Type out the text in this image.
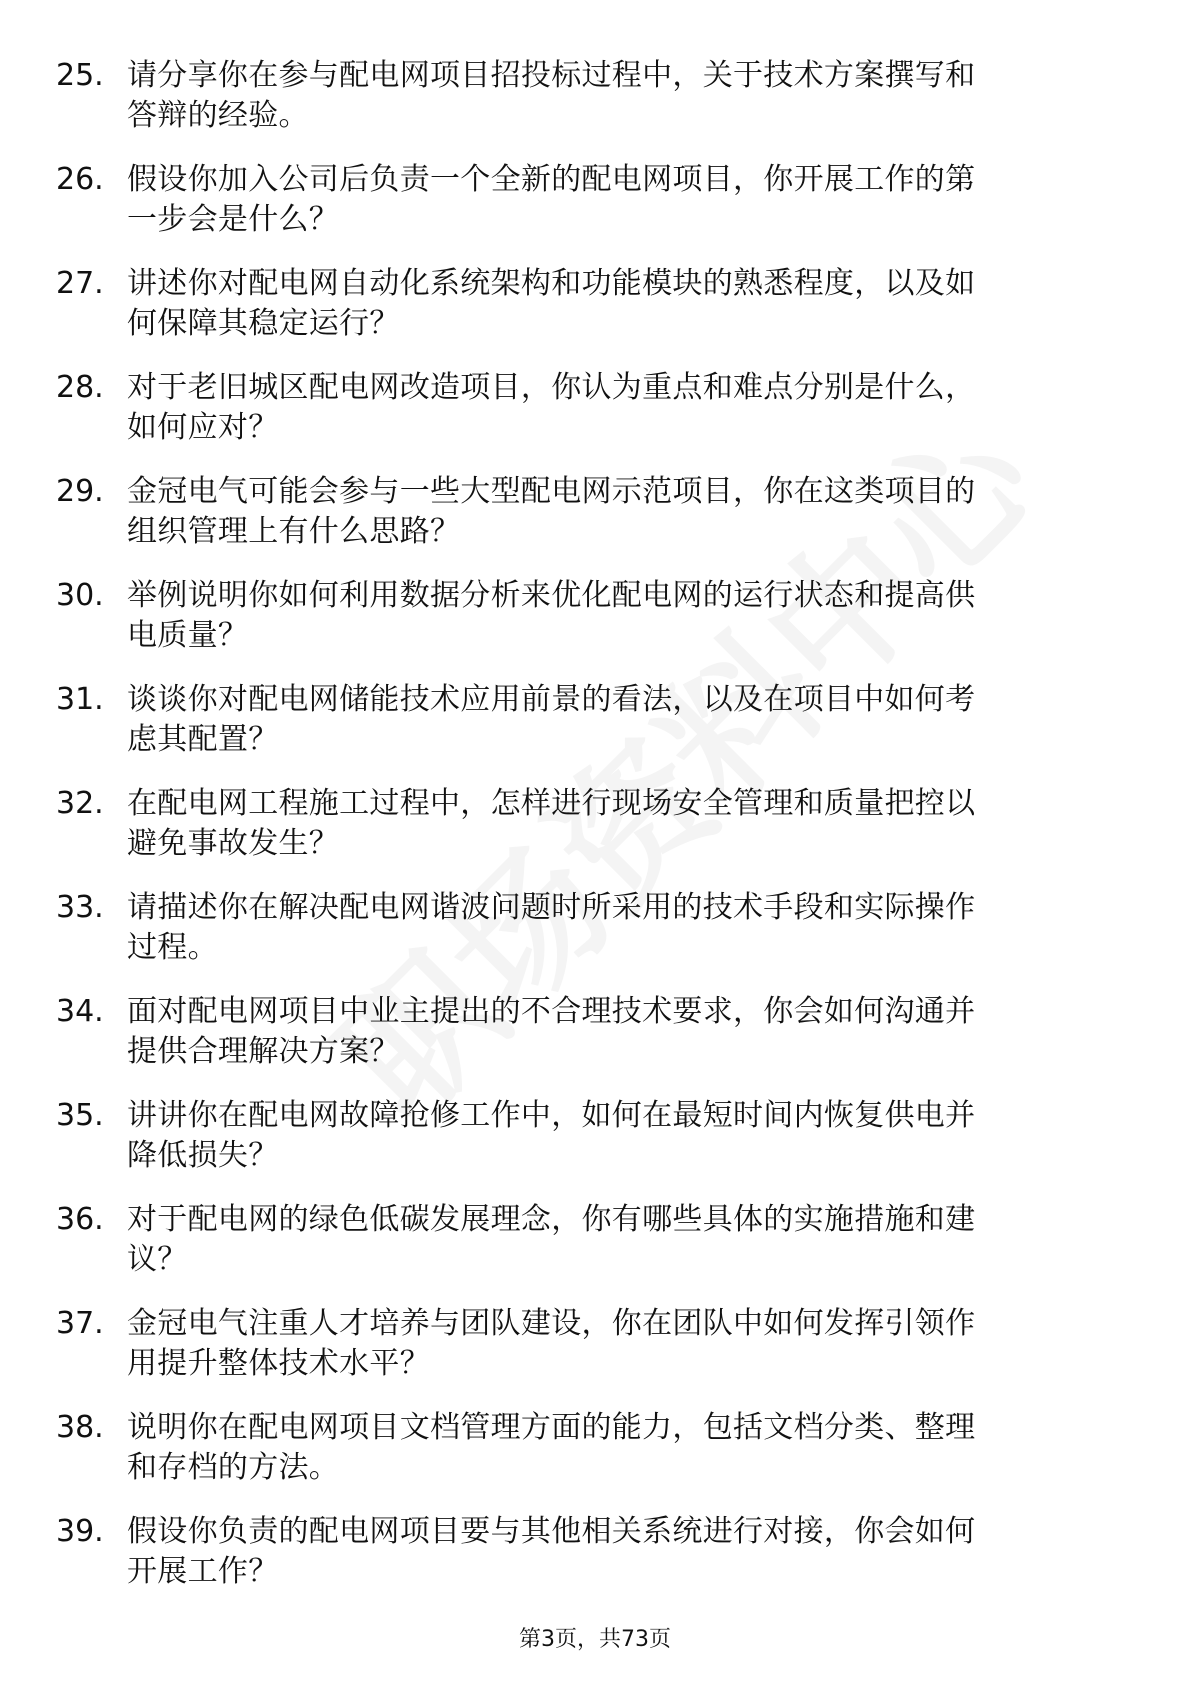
25. 请分享你在参与配电网项目招投标过程中，关于技术方案撰写和
答辩的经验。
26. 假设你加入公司后负责一个全新的配电网项目，你开展工作的第
一步会是什么？
27. 讲述你对配电网自动化系统架构和功能模块的熟悉程度，以及如
何保障其稳定运行？
28. 对于老旧城区配电网改造项目，你认为重点和难点分别是什么，
如何应对？
29. 金冠电气可能会参与一些大型配电网示范项目，你在这类项目的
组织管理上有什么思路？
30. 举例说明你如何利用数据分析来优化配电网的运行状态和提高供
电质量？
31. 谈谈你对配电网储能技术应用前景的看法，以及在项目中如何考
虑其配置？
32. 在配电网工程施工过程中，怎样进行现场安全管理和质量把控以
避免事故发生？
33. 请描述你在解决配电网谐波问题时所采用的技术手段和实际操作
过程。
34. 面对配电网项目中业主提出的不合理技术要求，你会如何沟通并
提供合理解决方案？
35. 讲讲你在配电网故障抢修工作中，如何在最短时间内恢复供电并
降低损失？
36. 对于配电网的绿色低碳发展理念，你有哪些具体的实施措施和建
议？
37. 金冠电气注重人才培养与团队建设，你在团队中如何发挥引领作
用提升整体技术水平？
38. 说明你在配电网项目文档管理方面的能力，包括文档分类、整理
和存档的方法。
39. 假设你负责的配电网项目要与其他相关系统进行对接，你会如何
开展工作？
第3页，共73页
